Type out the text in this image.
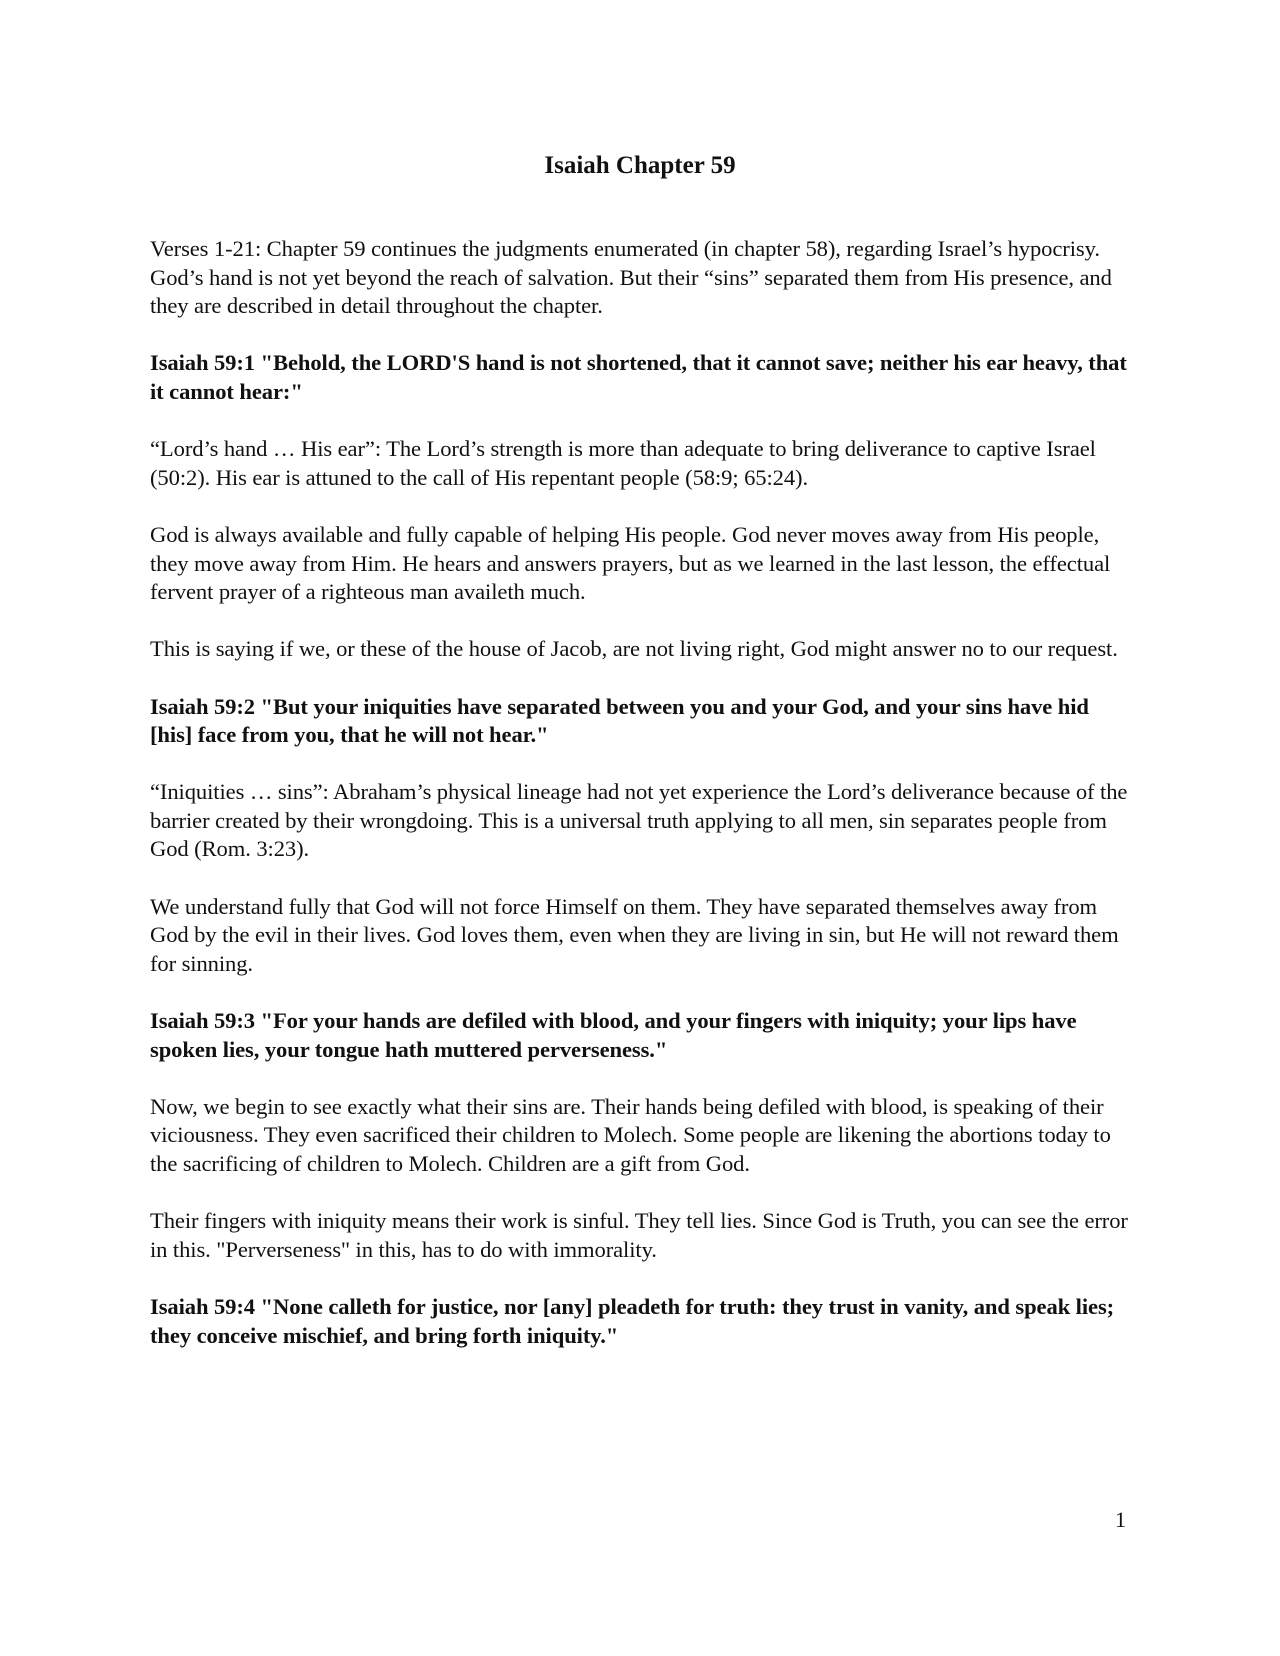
Isaiah Chapter 59

Verses 1-21: Chapter 59 continues the judgments enumerated (in chapter 58), regarding Israel’s hypocrisy. God’s hand is not yet beyond the reach of salvation. But their “sins” separated them from His presence, and they are described in detail throughout the chapter.

Isaiah 59:1 "Behold, the LORD'S hand is not shortened, that it cannot save; neither his ear heavy, that it cannot hear:"

“Lord’s hand … His ear”: The Lord’s strength is more than adequate to bring deliverance to captive Israel (50:2). His ear is attuned to the call of His repentant people (58:9; 65:24).

God is always available and fully capable of helping His people. God never moves away from His people, they move away from Him. He hears and answers prayers, but as we learned in the last lesson, the effectual fervent prayer of a righteous man availeth much.

This is saying if we, or these of the house of Jacob, are not living right, God might answer no to our request.

Isaiah 59:2 "But your iniquities have separated between you and your God, and your sins have hid [his] face from you, that he will not hear."

“Iniquities … sins”: Abraham’s physical lineage had not yet experience the Lord’s deliverance because of the barrier created by their wrongdoing. This is a universal truth applying to all men, sin separates people from God (Rom. 3:23).

We understand fully that God will not force Himself on them. They have separated themselves away from God by the evil in their lives. God loves them, even when they are living in sin, but He will not reward them for sinning.

Isaiah 59:3 "For your hands are defiled with blood, and your fingers with iniquity; your lips have spoken lies, your tongue hath muttered perverseness."

Now, we begin to see exactly what their sins are. Their hands being defiled with blood, is speaking of their viciousness. They even sacrificed their children to Molech. Some people are likening the abortions today to the sacrificing of children to Molech. Children are a gift from God.

Their fingers with iniquity means their work is sinful. They tell lies. Since God is Truth, you can see the error in this. "Perverseness" in this, has to do with immorality.

Isaiah 59:4 "None calleth for justice, nor [any] pleadeth for truth: they trust in vanity, and speak lies; they conceive mischief, and bring forth iniquity."

1
